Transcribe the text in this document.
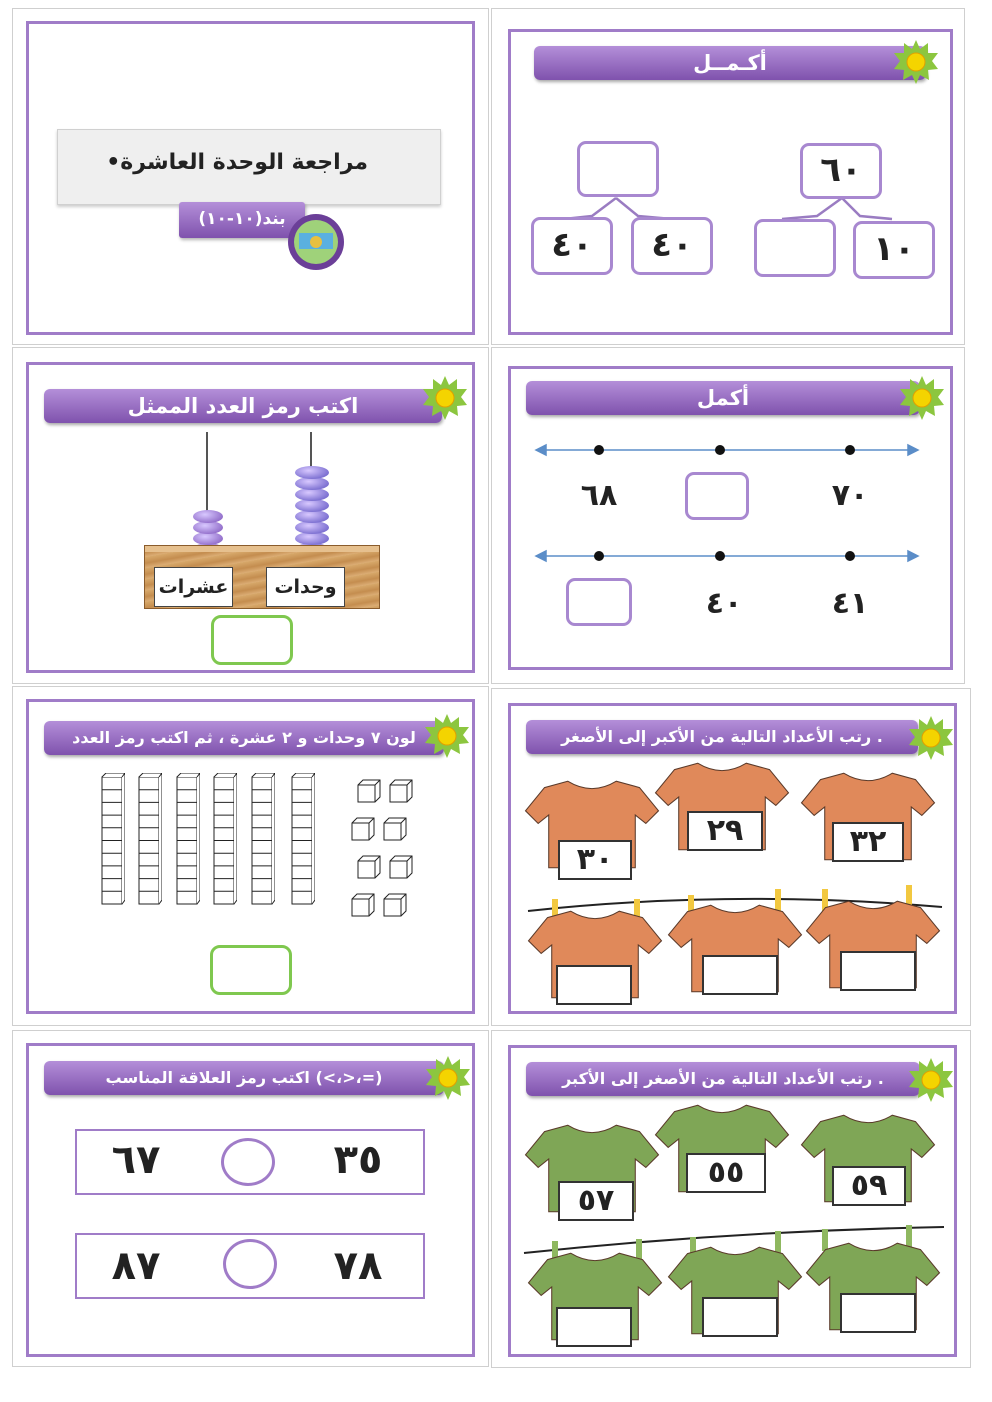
•مراجعة الوحدة العاشرة
بند(١٠-١٠)
أكـمــل
٦٠
١٠
٤٠	٤٠
اكتب رمز العدد الممثل
عشرات	وحدات
أكمل
٧٠
٦٨
٤١
٤٠
لون ٧ وحدات و ٢ عشرة ، ثم اكتب رمز العدد	رتب الأعداد التالية من الأكبر إلى الأصغر .
٣٢
٢٩
٣٠
اكتب رمز العلاقة المناسب (<،>،=)
٣٥
٦٧
٧٨
٨٧
رتب الأعداد التالية من الأصغر إلى الأكبر .
٥٩
٥٥
٥٧
